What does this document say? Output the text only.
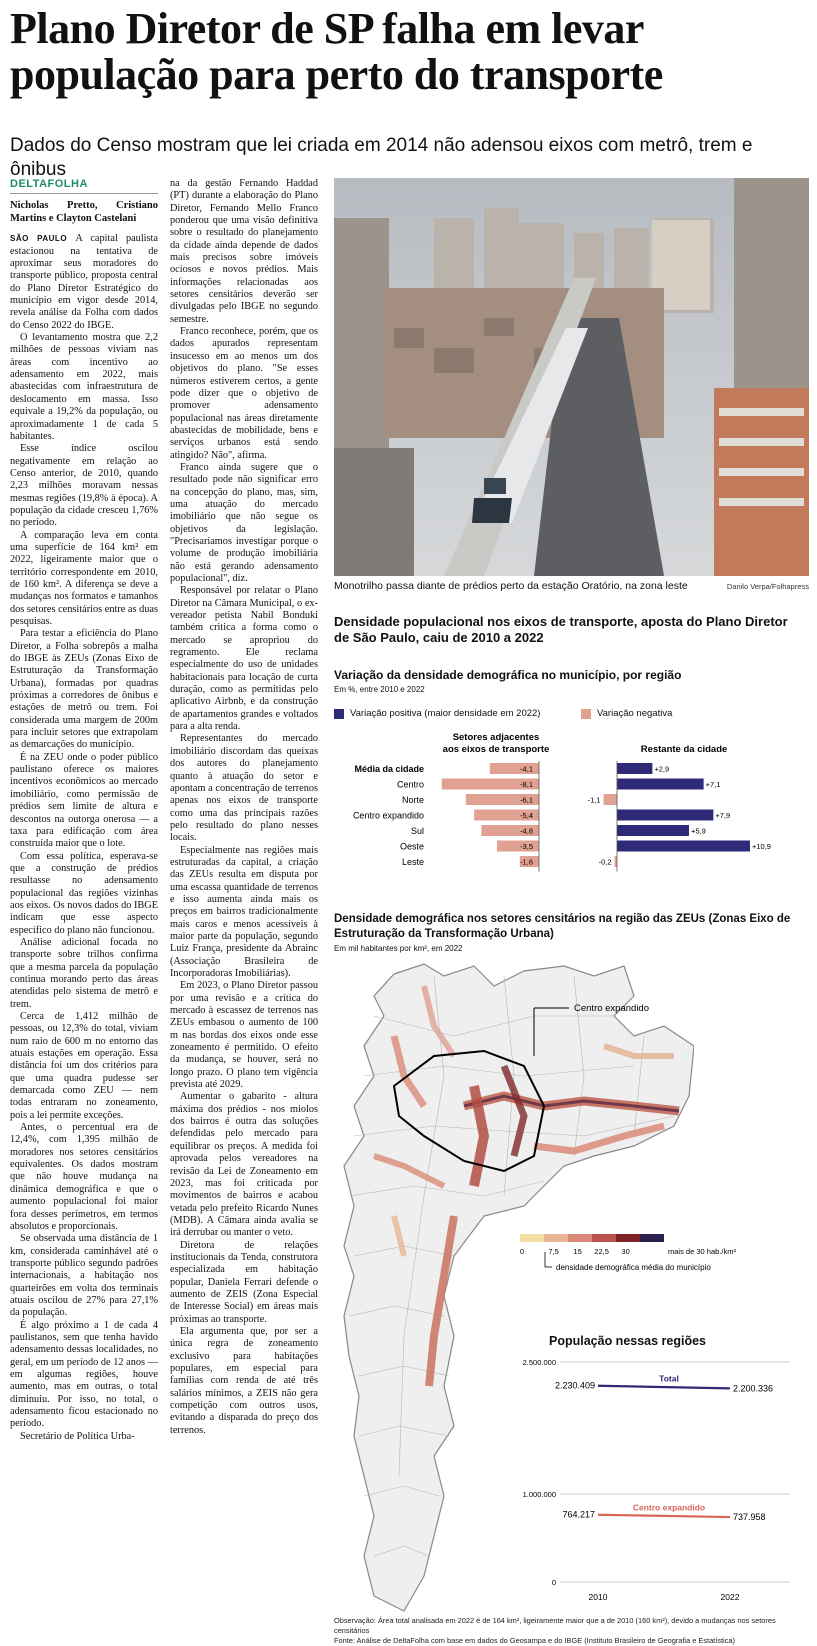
Plano Diretor de SP falha em levar
população para perto do transporte
Dados do Censo mostram que lei criada em 2014 não adensou eixos com metrô, trem e ônibus
DELTAFOLHA
Nicholas Pretto, Cristiano Martins e Clayton Castelani

SÃO PAULO A capital paulista estacionou na tentativa de aproximar seus moradores do transporte público, proposta central do Plano Diretor Estratégico do município em vigor desde 2014, revela análise da Folha com dados do Censo 2022 do IBGE.

O levantamento mostra que 2,2 milhões de pessoas viviam nas áreas com incentivo ao adensamento em 2022, mais abastecidas com infraestrutura de deslocamento em massa. Isso equivale a 19,2% da população, ou aproximadamente 1 de cada 5 habitantes.

Esse índice oscilou negativamente em relação ao Censo anterior, de 2010, quando 2,23 milhões moravam nessas mesmas regiões (19,8% à época). A população da cidade cresceu 1,76% no período.

A comparação leva em conta uma superfície de 164 km² em 2022, ligeiramente maior que o território correspondente em 2010, de 160 km². A diferença se deve a mudanças nos formatos e tamanhos dos setores censitários entre as duas pesquisas.

Para testar a eficiência do Plano Diretor, a Folha sobrepôs a malha do IBGE às ZEUs (Zonas Eixo de Estruturação da Transformação Urbana), formadas por quadras próximas a corredores de ônibus e estações de metrô ou trem. Foi considerada uma margem de 200m para incluir setores que extrapolam as demarcações do município.

É na ZEU onde o poder público paulistano oferece os maiores incentivos econômicos ao mercado imobiliário, como permissão de prédios sem limite de altura e descontos na outorga onerosa — a taxa para edificação com área construída maior que o lote.

Com essa política, esperava-se que a construção de prédios resultasse no adensamento populacional das regiões vizinhas aos eixos. Os novos dados do IBGE indicam que esse aspecto específico do plano não funcionou.

Análise adicional focada no transporte sobre trilhos confirma que a mesma parcela da população continua morando perto das áreas atendidas pelo sistema de metrô e trem.

Cerca de 1,412 milhão de pessoas, ou 12,3% do total, viviam num raio de 600 m no entorno das atuais estações em operação. Essa distância foi um dos critérios para que uma quadra pudesse ser demarcada como ZEU — nem todas entraram no zoneamento, pois a lei permite exceções.

Antes, o percentual era de 12,4%, com 1,395 milhão de moradores nos setores censitários equivalentes. Os dados mostram que não houve mudança na dinâmica demográfica e que o aumento populacional foi maior fora desses perímetros, em termos absolutos e proporcionais.

Se observada uma distância de 1 km, considerada caminhável até o transporte público segundo padrões internacionais, a habitação nos quarteirões em volta dos terminais atuais oscilou de 27% para 27,1% da população.

É algo próximo a 1 de cada 4 paulistanos, sem que tenha havido adensamento dessas localidades, no geral, em um período de 12 anos — em algumas regiões, houve aumento, mas em outras, o total diminuiu. Por isso, no total, o adensamento ficou estacionado no período.

Secretário de Política Urba-

na da gestão Fernando Haddad (PT) durante a elaboração do Plano Diretor, Fernando Mello Franco ponderou que uma visão definitiva sobre o resultado do planejamento da cidade ainda depende de dados mais precisos sobre imóveis ociosos e novos prédios. Mais informações relacionadas aos setores censitários deverão ser divulgadas pelo IBGE no segundo semestre.

Franco reconhece, porém, que os dados apurados representam insucesso em ao menos um dos objetivos do plano. "Se esses números estiverem certos, a gente pode dizer que o objetivo de promover adensamento populacional nas áreas diretamente abastecidas de mobilidade, bens e serviços urbanos está sendo atingido? Não", afirma.

Franco ainda sugere que o resultado pode não significar erro na concepção do plano, mas, sim, uma atuação do mercado imobiliário que não segue os objetivos da legislação. "Precisaríamos investigar porque o volume de produção imobiliária não está gerando adensamento populacional", diz.

Responsável por relatar o Plano Diretor na Câmara Municipal, o ex-vereador petista Nabil Bonduki também critica a forma como o mercado se apropriou do regramento. Ele reclama especialmente do uso de unidades habitacionais para locação de curta duração, como as permitidas pelo aplicativo Airbnb, e da construção de apartamentos grandes e voltados para a alta renda.

Representantes do mercado imobiliário discordam das queixas dos autores do planejamento quanto à atuação do setor e apontam a concentração de terrenos apenas nos eixos de transporte como uma das principais razões pelo resultado do plano nesses locais.

Especialmente nas regiões mais estruturadas da capital, a criação das ZEUs resulta em disputa por uma escassa quantidade de terrenos e isso aumenta ainda mais os preços em bairros tradicionalmente mais caros e menos acessíveis à maior parte da população, segundo Luiz França, presidente da Abrainc (Associação Brasileira de Incorporadoras Imobiliárias).

Em 2023, o Plano Diretor passou por uma revisão e a crítica do mercado à escassez de terrenos nas ZEUs embasou o aumento de 100 m nas bordas dos eixos onde esse zoneamento é permitido. O efeito da mudança, se houver, será no longo prazo. O plano tem vigência prevista até 2029.

Aumentar o gabarito - altura máxima dos prédios - nos miolos dos bairros é outra das soluções defendidas pelo mercado para equilibrar os preços. A medida foi aprovada pelos vereadores na revisão da Lei de Zoneamento em 2023, mas foi criticada por movimentos de bairros e acabou vetada pelo prefeito Ricardo Nunes (MDB). A Câmara ainda avalia se irá derrubar ou manter o veto.

Diretora de relações institucionais da Tenda, construtora especializada em habitação popular, Daniela Ferrari defende o aumento de ZEIS (Zona Especial de Interesse Social) em áreas mais próximas ao transporte.

Ela argumenta que, por ser a única regra de zoneamento exclusivo para habitações populares, em especial para famílias com renda de até três salários mínimos, a ZEIS não gera competição com outros usos, evitando a disparada do preço dos terrenos.

Monotrilho passa diante de prédios perto da estação Oratório, na zona leste	Danilo Verpa/Folhapress
Densidade populacional nos eixos de transporte, aposta do Plano Diretor de São Paulo, caiu de 2010 a 2022
Variação da densidade demográfica no município, por região
Em %, entre 2010 e 2022
Variação positiva (maior densidade em 2022)	Variação negativa
Setores adjacentes
aos eixos de transporte	Restante da cidade
Média da cidade	-4,1	+2,9
Centro	-8,1	+7,1
Norte	-6,1	-1,1
Centro expandido	-5,4	+7,9
Sul	-4,8	+5,9
Oeste	-3,5	+10,9
Leste	-1,6	-0,2
Densidade demográfica nos setores censitários na região das ZEUs (Zonas Eixo de Estruturação da Transformação Urbana)
Em mil habitantes por km², em 2022
Centro expandido
0	7,5 15 22,5 30	mais de 30 hab./km²
densidade demográfica média do município
População nessas regiões
0
1.000.000
2.500.000
2010	2022
Total
2.230.409	2.200.336
Centro expandido
764.217	737.958
Observação: Área total analisada em 2022 é de 164 km², ligeiramente maior que a de 2010 (160 km²), devido a mudanças nos setores censitários
Fonte: Análise de DeltaFolha com base em dados do Geosampa e do IBGE (Instituto Brasileiro de Geografia e Estatística)
